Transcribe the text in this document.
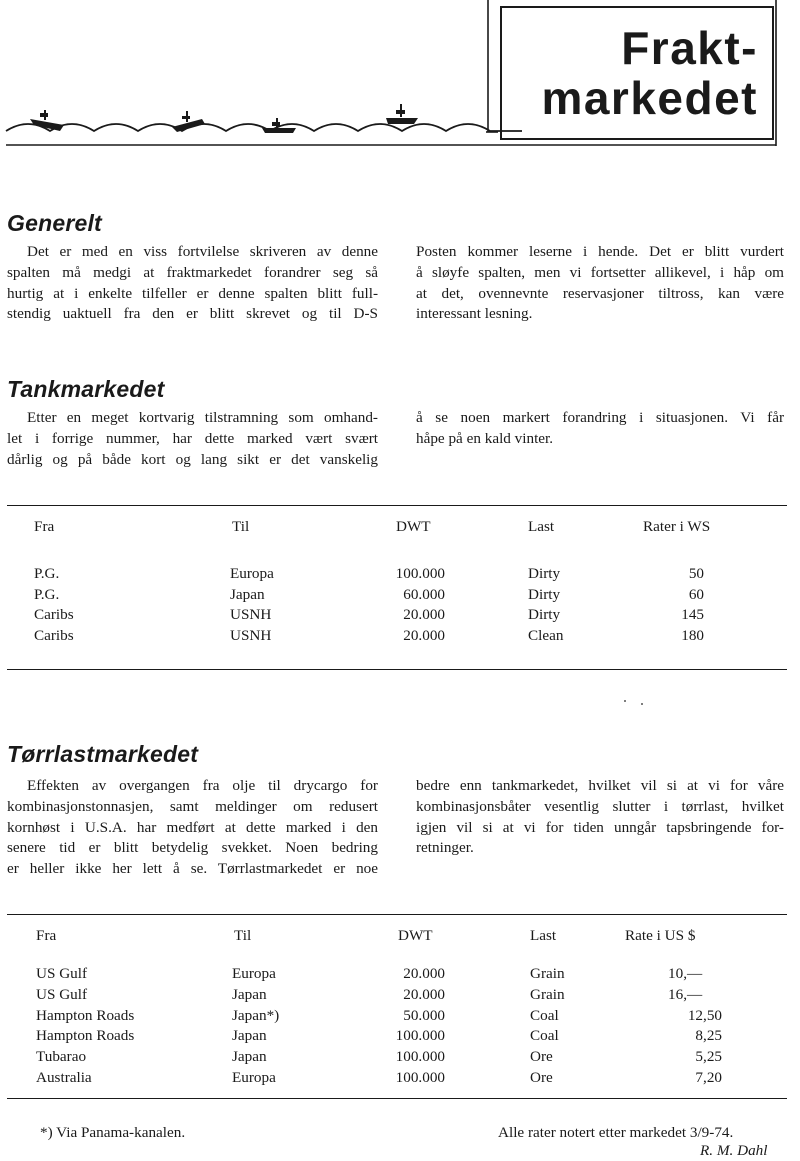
Frakt-
markedet
Generelt
Det er med en viss fortvilelse skriveren av denne
spalten må medgi at fraktmarkedet forandrer seg så
hurtig at i enkelte tilfeller er denne spalten blitt full-
stendig uaktuell fra den er blitt skrevet og til D-S
Posten kommer leserne i hende. Det er blitt vurdert
å sløyfe spalten, men vi fortsetter allikevel, i håp om
at det, ovennevnte reservasjoner tiltross, kan være
interessant lesning.
Tankmarkedet
Etter en meget kortvarig tilstramning som omhand-
let i forrige nummer, har dette marked vært svært
dårlig og på både kort og lang sikt er det vanskelig
å se noen markert forandring i situasjonen. Vi får
håpe på en kald vinter.
Fra	Til	DWT	Last	Rater i WS
P.G.	Europa	100.000	Dirty	50
P.G.	Japan	60.000	Dirty	60
Caribs	USNH	20.000	Dirty	145
Caribs	USNH	20.000	Clean	180
Tørrlastmarkedet
Effekten av overgangen fra olje til drycargo for
kombinasjonstonnasjen, samt meldinger om redusert
kornhøst i U.S.A. har medført at dette marked i den
senere tid er blitt betydelig svekket. Noen bedring
er heller ikke her lett å se. Tørrlastmarkedet er noe
bedre enn tankmarkedet, hvilket vil si at vi for våre
kombinasjonsbåter vesentlig slutter i tørrlast, hvilket
igjen vil si at vi for tiden unngår tapsbringende for-
retninger.
Fra	Til	DWT	Last	Rate i US $
US Gulf	Europa	20.000	Grain	10,—
US Gulf	Japan	20.000	Grain	16,—
Hampton Roads	Japan*)	50.000	Coal	12,50
Hampton Roads	Japan	100.000	Coal	8,25
Tubarao	Japan	100.000	Ore	5,25
Australia	Europa	100.000	Ore	7,20
*) Via Panama-kanalen.	Alle rater notert etter markedet 3/9-74.
R. M. Dahl
